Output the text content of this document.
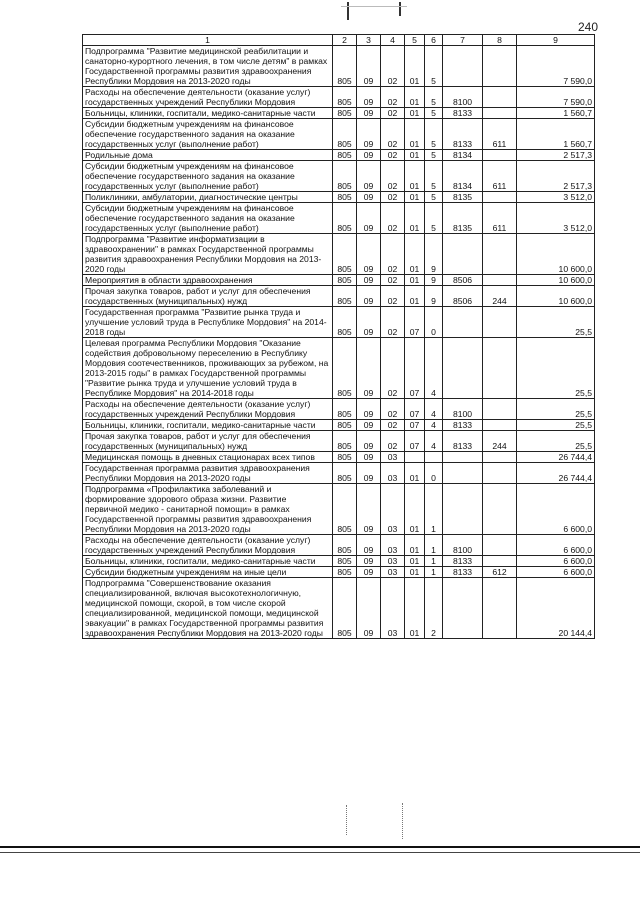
240
1	2	3	4	5	6	7	8	9
Подпрограмма "Развитие медицинской реабилитации и санаторно-курортного лечения, в том числе детям" в рамках Государственной программы развития здравоохранения Республики Мордовия на 2013-2020 годы	805	09	02	01	5			7 590,0
Расходы на обеспечение деятельности (оказание услуг) государственных учреждений Республики Мордовия	805	09	02	01	5	8100		7 590,0
Больницы, клиники, госпитали, медико-санитарные части	805	09	02	01	5	8133		1 560,7
Субсидии бюджетным учреждениям на финансовое обеспечение государственного задания на оказание государственных услуг (выполнение работ)	805	09	02	01	5	8133	611	1 560,7
Родильные дома	805	09	02	01	5	8134		2 517,3
Субсидии бюджетным учреждениям на финансовое обеспечение государственного задания на оказание государственных услуг (выполнение работ)	805	09	02	01	5	8134	611	2 517,3
Поликлиники, амбулатории, диагностические центры	805	09	02	01	5	8135		3 512,0
Субсидии бюджетным учреждениям на финансовое обеспечение государственного задания на оказание государственных услуг (выполнение работ)	805	09	02	01	5	8135	611	3 512,0
Подпрограмма "Развитие информатизации в здравоохранении" в рамках Государственной программы развития здравоохранения Республики Мордовия на 2013-2020 годы	805	09	02	01	9			10 600,0
Мероприятия в области здравоохранения	805	09	02	01	9	8506		10 600,0
Прочая закупка товаров, работ и услуг для обеспечения государственных (муниципальных) нужд	805	09	02	01	9	8506	244	10 600,0
Государственная программа "Развитие рынка труда и улучшение условий труда в Республике Мордовия" на 2014-2018 годы	805	09	02	07	0			25,5
Целевая программа Республики Мордовия "Оказание содействия добровольному переселению в Республику Мордовия соотечественников, проживающих за рубежом, на 2013-2015 годы" в рамках Государственной программы "Развитие рынка труда и улучшение условий труда в Республике Мордовия" на 2014-2018 годы	805	09	02	07	4			25,5
Расходы на обеспечение деятельности (оказание услуг) государственных учреждений Республики Мордовия	805	09	02	07	4	8100		25,5
Больницы, клиники, госпитали, медико-санитарные части	805	09	02	07	4	8133		25,5
Прочая закупка товаров, работ и услуг для обеспечения государственных (муниципальных) нужд	805	09	02	07	4	8133	244	25,5
Медицинская помощь в дневных стационарах всех типов	805	09	03					26 744,4
Государственная программа развития здравоохранения Республики Мордовия на 2013-2020 годы	805	09	03	01	0			26 744,4
Подпрограмма «Профилактика заболеваний и формирование здорового образа жизни. Развитие первичной медико - санитарной помощи» в рамках Государственной программы развития здравоохранения Республики Мордовия на 2013-2020 годы	805	09	03	01	1			6 600,0
Расходы на обеспечение деятельности (оказание услуг) государственных учреждений Республики Мордовия	805	09	03	01	1	8100		6 600,0
Больницы, клиники, госпитали, медико-санитарные части	805	09	03	01	1	8133		6 600,0
Субсидии бюджетным учреждениям на иные цели	805	09	03	01	1	8133	612	6 600,0
Подпрограмма "Совершенствование оказания специализированной, включая высокотехнологичную, медицинской помощи, скорой, в том числе скорой специализированной, медицинской помощи, медицинской эвакуации" в рамках Государственной программы развития здравоохранения Республики Мордовия на 2013-2020 годы	805	09	03	01	2			20 144,4
